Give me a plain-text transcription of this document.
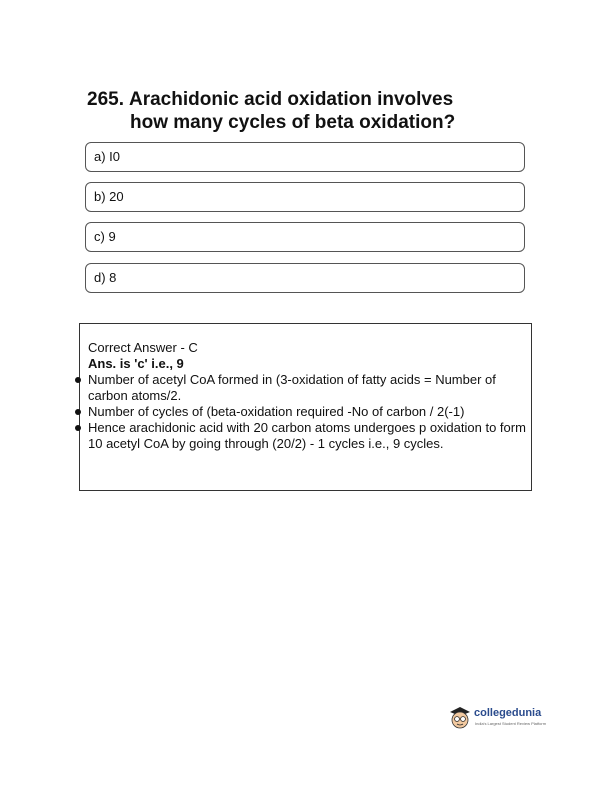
265. Arachidonic acid oxidation involves
how many cycles of beta oxidation?
a) I0
b) 20
c) 9
d) 8
Correct Answer - C
Ans. is 'c' i.e., 9
Number of acetyl CoA formed in (3-oxidation of fatty acids = Number of carbon atoms/2.
Number of cycles of (beta-oxidation required -No of carbon / 2(-1)
Hence arachidonic acid with 20 carbon atoms undergoes p oxidation to form 10 acetyl CoA by going through (20/2) - 1 cycles i.e., 9 cycles.
collegedunia
India's Largest Student Review Platform
